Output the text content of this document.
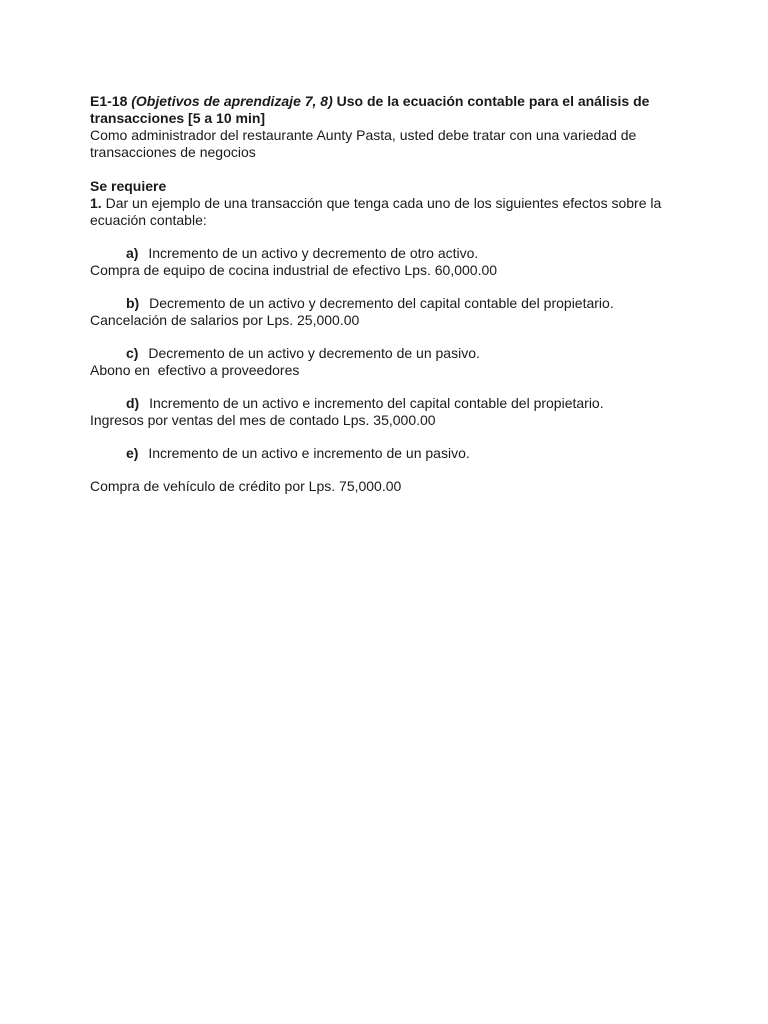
E1-18 (Objetivos de aprendizaje 7, 8) Uso de la ecuación contable para el análisis de transacciones [5 a 10 min]

Como administrador del restaurante Aunty Pasta, usted debe tratar con una variedad de transacciones de negocios

Se requiere
1. Dar un ejemplo de una transacción que tenga cada uno de los siguientes efectos sobre la ecuación contable:
a) Incremento de un activo y decremento de otro activo.
Compra de equipo de cocina industrial de efectivo Lps. 60,000.00
b) Decremento de un activo y decremento del capital contable del propietario.
Cancelación de salarios por Lps. 25,000.00
c) Decremento de un activo y decremento de un pasivo.
Abono en  efectivo a proveedores
d) Incremento de un activo e incremento del capital contable del propietario.
Ingresos por ventas del mes de contado Lps. 35,000.00
e) Incremento de un activo e incremento de un pasivo.
Compra de vehículo de crédito por Lps. 75,000.00
